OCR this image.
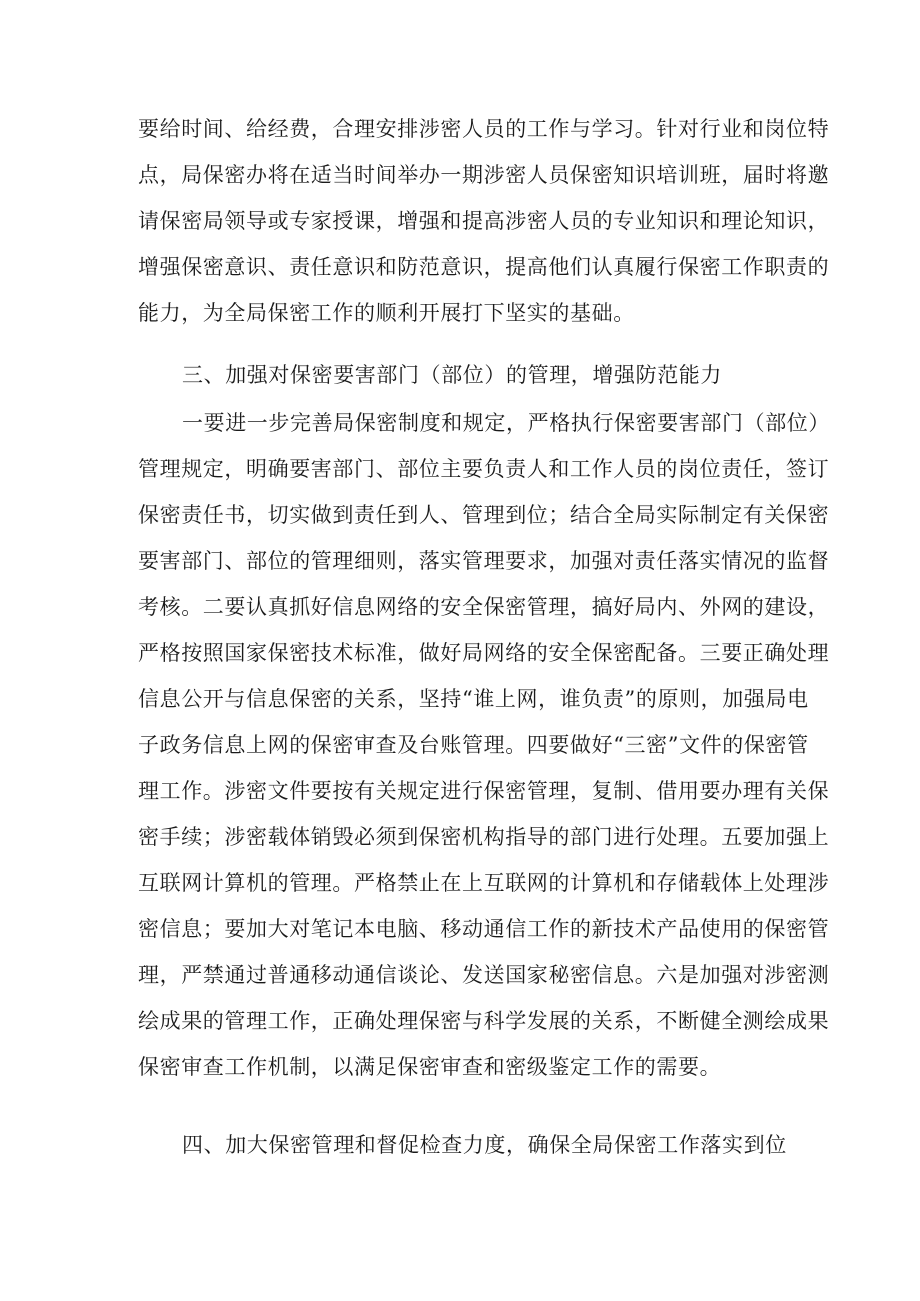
要给时间、给经费，合理安排涉密人员的工作与学习。针对行业和岗位特
点，局保密办将在适当时间举办一期涉密人员保密知识培训班，届时将邀
请保密局领导或专家授课，增强和提高涉密人员的专业知识和理论知识，
增强保密意识、责任意识和防范意识，提高他们认真履行保密工作职责的
能力，为全局保密工作的顺利开展打下坚实的基础。
三、加强对保密要害部门（部位）的管理，增强防范能力
一要进一步完善局保密制度和规定，严格执行保密要害部门（部位）
管理规定，明确要害部门、部位主要负责人和工作人员的岗位责任，签订
保密责任书，切实做到责任到人、管理到位；结合全局实际制定有关保密
要害部门、部位的管理细则，落实管理要求，加强对责任落实情况的监督
考核。二要认真抓好信息网络的安全保密管理，搞好局内、外网的建设，
严格按照国家保密技术标准，做好局网络的安全保密配备。三要正确处理
信息公开与信息保密的关系，坚持“谁上网，谁负责”的原则，加强局电
子政务信息上网的保密审查及台账管理。四要做好“三密”文件的保密管
理工作。涉密文件要按有关规定进行保密管理，复制、借用要办理有关保
密手续；涉密载体销毁必须到保密机构指导的部门进行处理。五要加强上
互联网计算机的管理。严格禁止在上互联网的计算机和存储载体上处理涉
密信息；要加大对笔记本电脑、移动通信工作的新技术产品使用的保密管
理，严禁通过普通移动通信谈论、发送国家秘密信息。六是加强对涉密测
绘成果的管理工作，正确处理保密与科学发展的关系，不断健全测绘成果
保密审查工作机制，以满足保密审查和密级鉴定工作的需要。
四、加大保密管理和督促检查力度，确保全局保密工作落实到位
